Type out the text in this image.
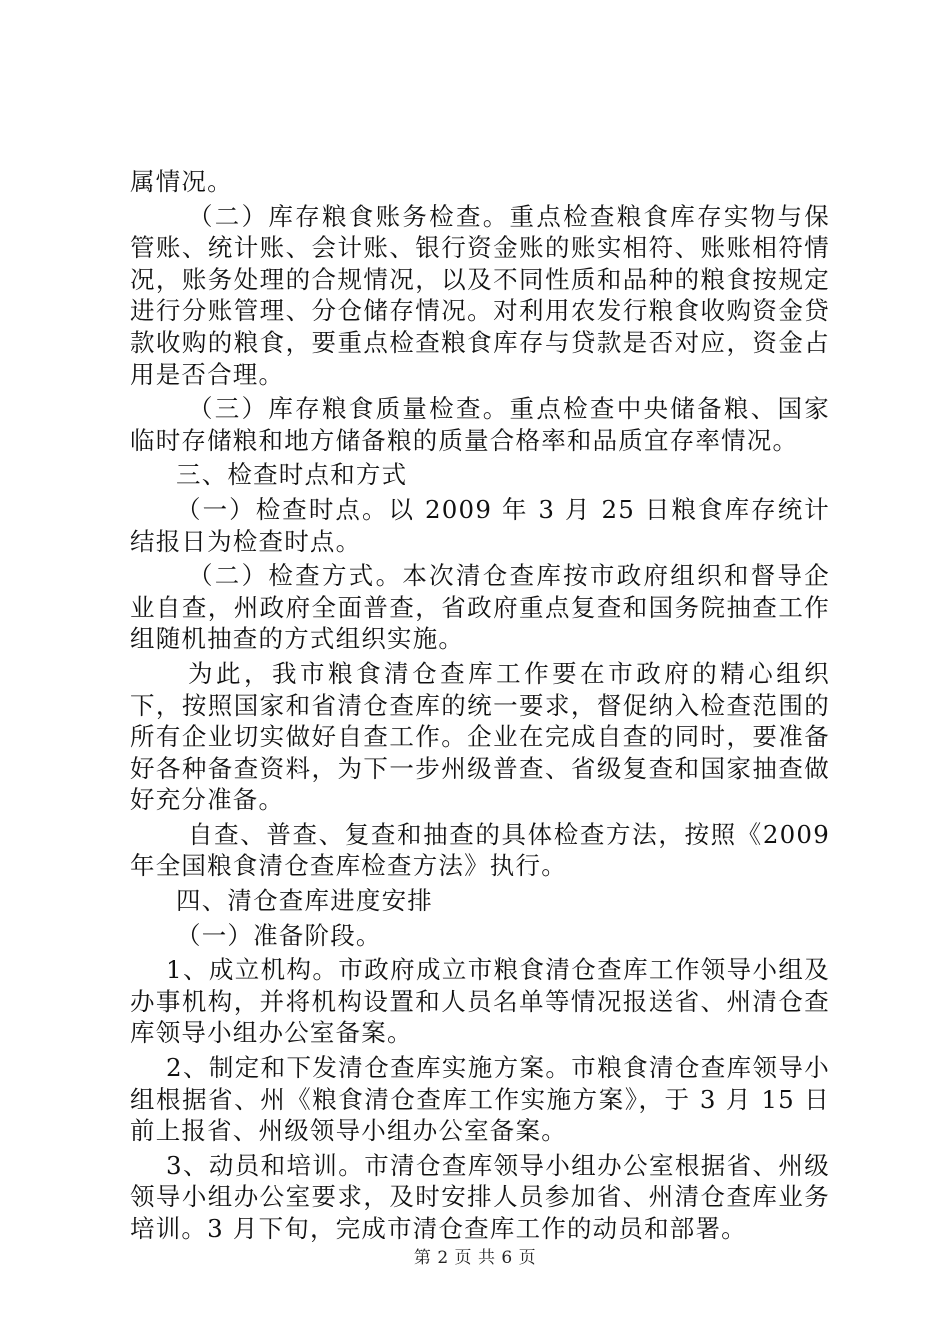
属情况。

（二）库存粮食账务检查。重点检查粮食库存实物与保管账、统计账、会计账、银行资金账的账实相符、账账相符情况，账务处理的合规情况，以及不同性质和品种的粮食按规定进行分账管理、分仓储存情况。对利用农发行粮食收购资金贷款收购的粮食，要重点检查粮食库存与贷款是否对应，资金占用是否合理。

（三）库存粮食质量检查。重点检查中央储备粮、国家临时存储粮和地方储备粮的质量合格率和品质宜存率情况。

三、检查时点和方式

（一）检查时点。以 2009 年 3 月 25 日粮食库存统计结报日为检查时点。

（二）检查方式。本次清仓查库按市政府组织和督导企业自查，州政府全面普查，省政府重点复查和国务院抽查工作组随机抽查的方式组织实施。

为此，我市粮食清仓查库工作要在市政府的精心组织下，按照国家和省清仓查库的统一要求，督促纳入检查范围的所有企业切实做好自查工作。企业在完成自查的同时，要准备好各种备查资料，为下一步州级普查、省级复查和国家抽查做好充分准备。

自查、普查、复查和抽查的具体检查方法，按照《2009 年全国粮食清仓查库检查方法》执行。

四、清仓查库进度安排

（一）准备阶段。

1、成立机构。市政府成立市粮食清仓查库工作领导小组及办事机构，并将机构设置和人员名单等情况报送省、州清仓查库领导小组办公室备案。

2、制定和下发清仓查库实施方案。市粮食清仓查库领导小组根据省、州《粮食清仓查库工作实施方案》，于 3 月 15 日前上报省、州级领导小组办公室备案。

3、动员和培训。市清仓查库领导小组办公室根据省、州级领导小组办公室要求，及时安排人员参加省、州清仓查库业务培训。3 月下旬，完成市清仓查库工作的动员和部署。

第 2 页 共 6 页
